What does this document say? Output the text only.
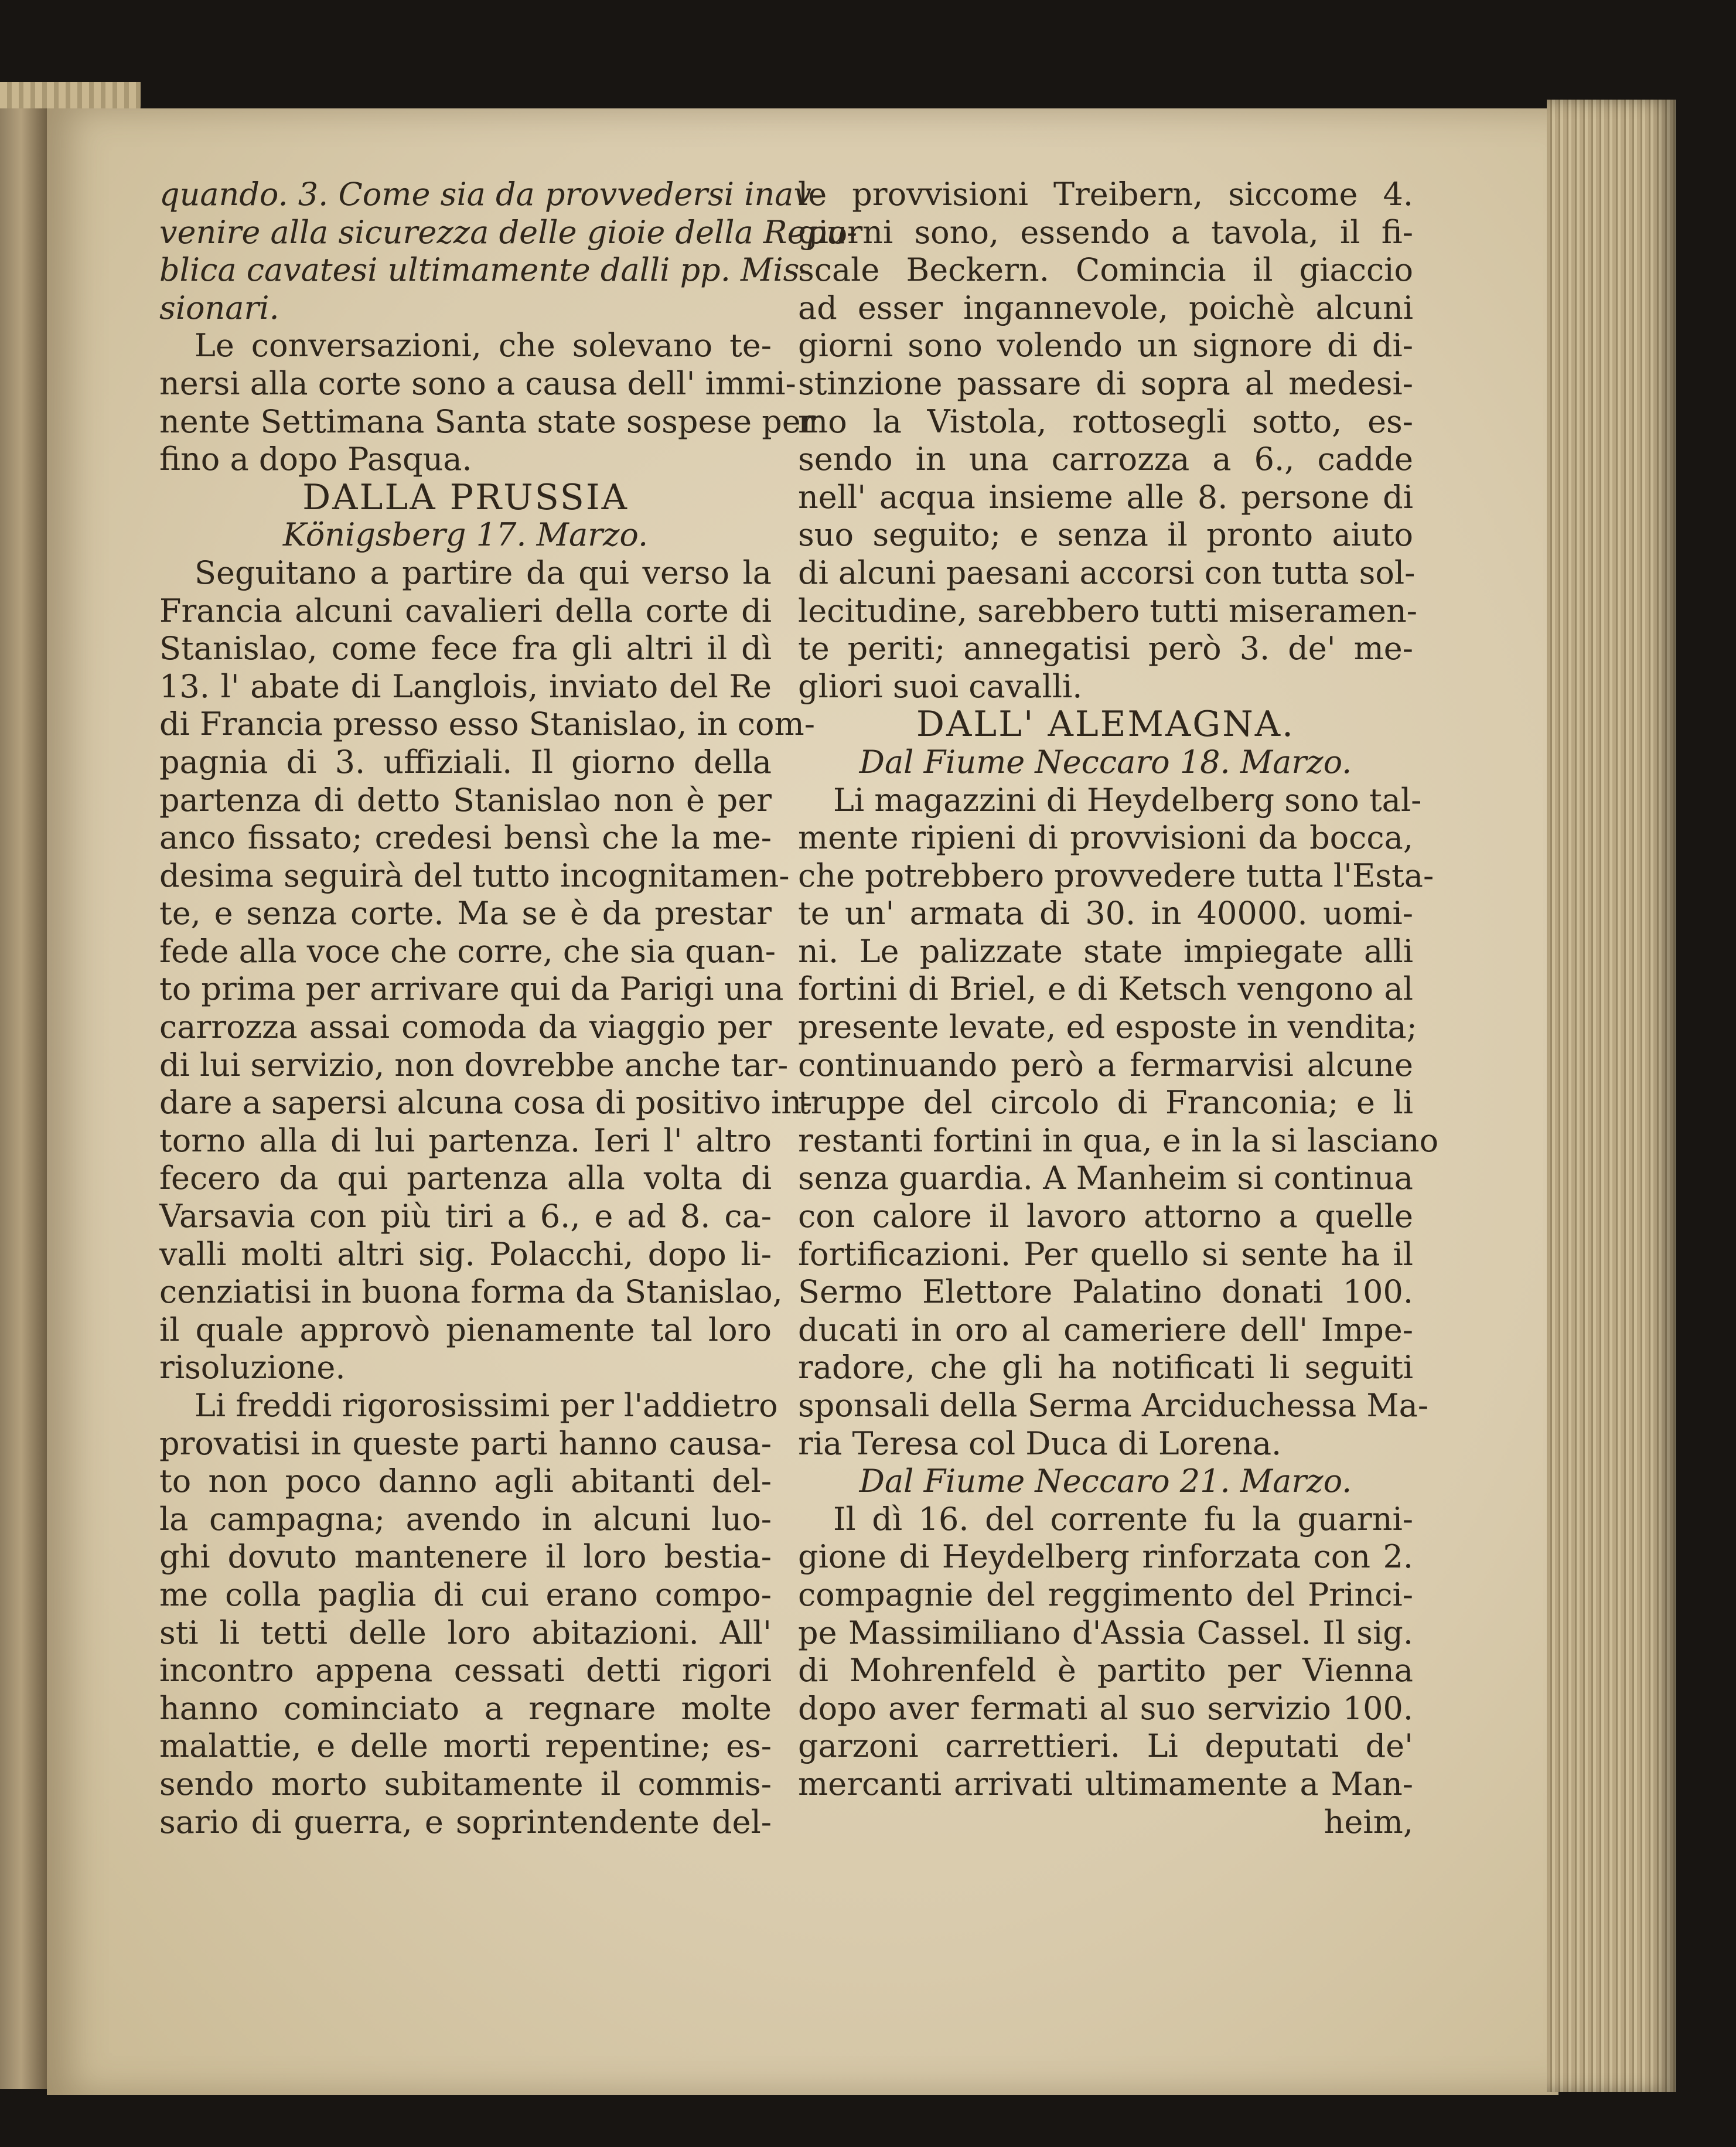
quando. 3. Come sia da provvedersi inav-
venire alla sicurezza delle gioie della Repu-
blica cavatesi ultimamente dalli pp. Mis-
sionari.
Le conversazioni, che solevano te-
nersi alla corte sono a causa dell' immi-
nente Settimana Santa state sospese per
fino a dopo Pasqua.
DALLA PRUSSIA
Königsberg 17. Marzo.
Seguitano a partire da qui verso la
Francia alcuni cavalieri della corte di
Stanislao, come fece fra gli altri il dì
13. l' abate di Langlois, inviato del Re
di Francia presso esso Stanislao, in com-
pagnia di 3. uffiziali. Il giorno della
partenza di detto Stanislao non è per
anco fissato; credesi bensì che la me-
desima seguirà del tutto incognitamen-
te, e senza corte. Ma se è da prestar
fede alla voce che corre, che sia quan-
to prima per arrivare qui da Parigi una
carrozza assai comoda da viaggio per
di lui servizio, non dovrebbe anche tar-
dare a sapersi alcuna cosa di positivo in-
torno alla di lui partenza. Ieri l' altro
fecero da qui partenza alla volta di
Varsavia con più tiri a 6., e ad 8. ca-
valli molti altri sig. Polacchi, dopo li-
cenziatisi in buona forma da Stanislao,
il quale approvò pienamente tal loro
risoluzione.
Li freddi rigorosissimi per l'addietro
provatisi in queste parti hanno causa-
to non poco danno agli abitanti del-
la campagna; avendo in alcuni luo-
ghi dovuto mantenere il loro bestia-
me colla paglia di cui erano compo-
sti li tetti delle loro abitazioni. All'
incontro appena cessati detti rigori
hanno cominciato a regnare molte
malattie, e delle morti repentine; es-
sendo morto subitamente il commis-
sario di guerra, e soprintendente del-
le provvisioni Treibern, siccome 4.
giorni sono, essendo a tavola, il fi-
scale Beckern. Comincia il giaccio
ad esser ingannevole, poichè alcuni
giorni sono volendo un signore di di-
stinzione passare di sopra al medesi-
mo la Vistola, rottosegli sotto, es-
sendo in una carrozza a 6., cadde
nell' acqua insieme alle 8. persone di
suo seguito; e senza il pronto aiuto
di alcuni paesani accorsi con tutta sol-
lecitudine, sarebbero tutti miseramen-
te periti; annegatisi però 3. de' me-
gliori suoi cavalli.
DALL' ALEMAGNA.
Dal Fiume Neccaro 18. Marzo.
Li magazzini di Heydelberg sono tal-
mente ripieni di provvisioni da bocca,
che potrebbero provvedere tutta l'Esta-
te un' armata di 30. in 40000. uomi-
ni. Le palizzate state impiegate alli
fortini di Briel, e di Ketsch vengono al
presente levate, ed esposte in vendita;
continuando però a fermarvisi alcune
truppe del circolo di Franconia; e li
restanti fortini in qua, e in la si lasciano
senza guardia. A Manheim si continua
con calore il lavoro attorno a quelle
fortificazioni. Per quello si sente ha il
Sermo Elettore Palatino donati 100.
ducati in oro al cameriere dell' Impe-
radore, che gli ha notificati li seguiti
sponsali della Serma Arciduchessa Ma-
ria Teresa col Duca di Lorena.
Dal Fiume Neccaro 21. Marzo.
Il dì 16. del corrente fu la guarni-
gione di Heydelberg rinforzata con 2.
compagnie del reggimento del Princi-
pe Massimiliano d'Assia Cassel. Il sig.
di Mohrenfeld è partito per Vienna
dopo aver fermati al suo servizio 100.
garzoni carrettieri. Li deputati de'
mercanti arrivati ultimamente a Man-
heim,
